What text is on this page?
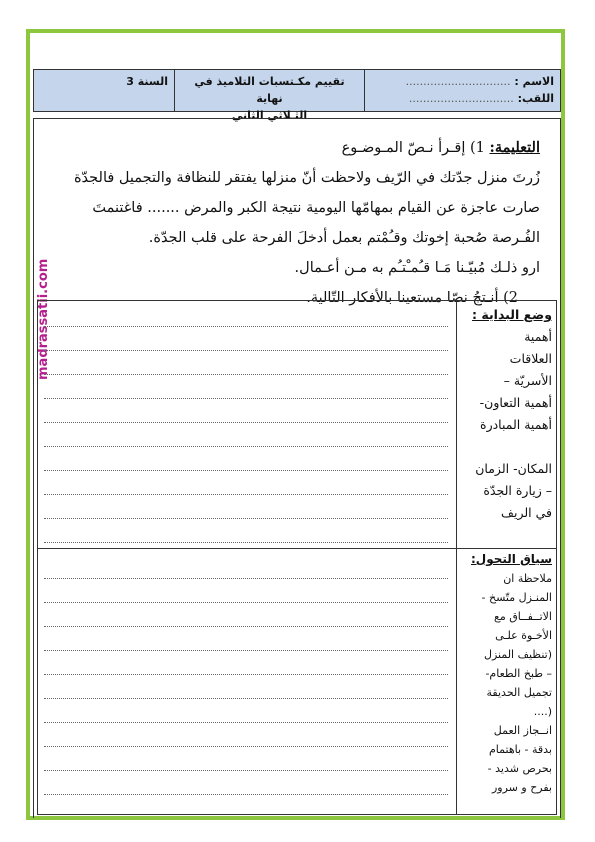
السنة 3	تقييم مكـتسبات التلاميذ في نهاية
الثـلاثي الثاني
الاسم : ..............................
اللقب: ..............................

التعليمة: 1) إقـرأ نـصّ المـوضـوع

زُرتَ منزل جدّتك في الرّيف ولاحظت أنّ منزلها يفتقر للنظافة والتجميل فالجدّة

صارت عاجزة عن القيام بمهامّها اليومية نتيجة الكبر والمرض ....... فاغتنمتَ

الفُـرصة صُحبة إخوتك وقـُمْتم بعمل أدخلَ الفرحة على قلب الجدّة.

ارو ذلـك مُبيّـنا مَـا قـُمـْتـُم به مـن أعـمال.

2) أنـتجُ نصّا مستعينا بالأفكار التّالية.

madrassatii.com	وضع البداية :
أهمية
العلاقات
الأسريّة –
أهمية التعاون-
أهمية المبادرة
المكان- الزمان
– زيارة الجدّة
في الريف
سياق التحول:
ملاحظة ان
المنـزل متّسخ -
الاتــفــاق مع
الأخـوة علـى
(تنظيف المنزل
– طبخ الطعام-
تجميل الحديقة
(....
انــجاز العمل
بدقة - باهتمام
بحرص شديد -
بفرح و سرور
